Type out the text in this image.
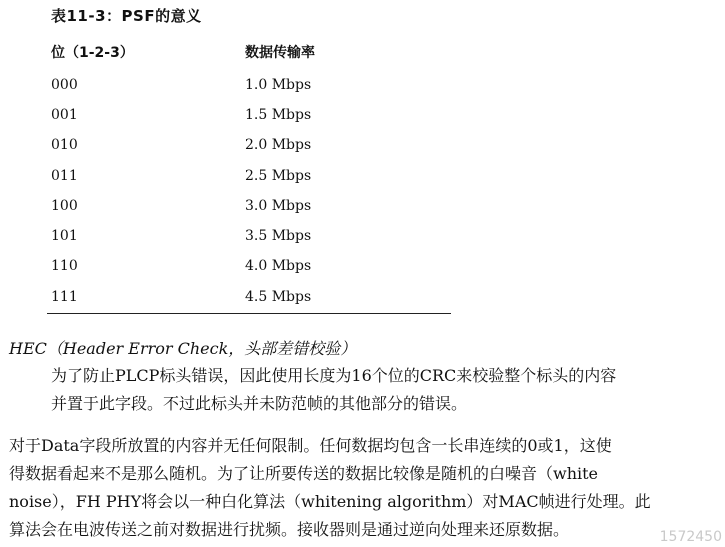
表11-3：PSF的意义
位（1-2-3）	数据传输率
000	1.0 Mbps
001	1.5 Mbps
010	2.0 Mbps
011	2.5 Mbps
100	3.0 Mbps
101	3.5 Mbps
110	4.0 Mbps
111	4.5 Mbps
HEC（Header Error Check，头部差错校验）
为了防止PLCP标头错误，因此使用长度为16个位的CRC来校验整个标头的内容
并置于此字段。不过此标头并未防范帧的其他部分的错误。
对于Data字段所放置的内容并无任何限制。任何数据均包含一长串连续的0或1，这使
得数据看起来不是那么随机。为了让所要传送的数据比较像是随机的白噪音（white
noise），FH PHY将会以一种白化算法（whitening algorithm）对MAC帧进行处理。此
算法会在电波传送之前对数据进行扰频。接收器则是通过逆向处理来还原数据。	1572450
